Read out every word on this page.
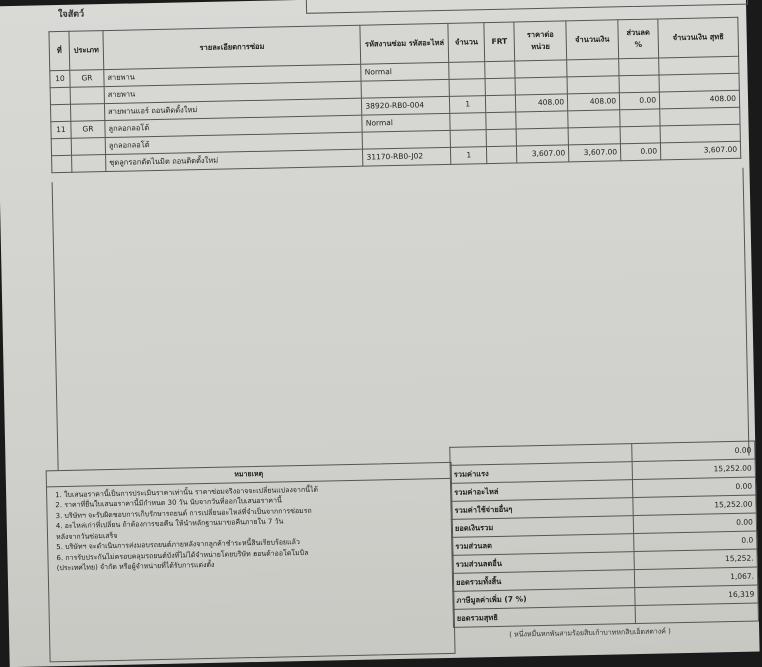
ใจสัตว์
ที่	ประเภท	รายละเอียดการซ่อม	รหัสงานซ่อม รหัสอะไหล่	จำนวน	FRT	ราคาต่อ หน่วย	จำนวนเงิน	ส่วนลด %	จำนวนเงิน สุทธิ
10	GR	สายพาน	Normal						
		สายพาน							
		สายพานแอร์ ถอนติดตั้งใหม่	38920-RB0-004	1		408.00	408.00	0.00	408.00
11	GR	ลูกลอกลอโต้	Normal						
		ลูกลอกลอโต้							
		ชุดลูกรอกตัดไนมิต ถอนติดตั้งใหม่	31170-RB0-J02	1		3,607.00	3,607.00	0.00	3,607.00
หมายเหตุ
1. ใบเสนอราคานี้เป็นการประเมินราคาเท่านั้น ราคาซ่อมจริงอาจจะเปลี่ยนแปลงจากนี้ได้
2. ราคาที่ยื่นใบเสนอราคานี้มีกำหนด 30 วัน นับจากวันที่ออกใบเสนอราคานี้
3. บริษัทฯ จะรับผิดชอบการเก็บรักษารถยนต์ การเปลี่ยนอะไหล่ที่จำเป็นจากการซ่อมรถ
4. อะไหล่เก่าที่เปลี่ยน ถ้าต้องการขอคืน ให้นำหลักฐานมาขอคืนภายใน 7 วัน
หลังจากวันซ่อมเสร็จ
5. บริษัทฯ จะดำเนินการส่งมอบรถยนต์ภายหลังจากลูกค้าชำระหนี้สินเรียบร้อยแล้ว
6. การรับประกันไม่ครอบคลุมรถยนต์บังที่ไม่ได้จำหน่ายโดยบริษัท ฮอนด้าออโตโมบิล
(ประเทศไทย) จำกัด หรือผู้จำหน่ายที่ได้รับการแต่งตั้ง
	0.00
รวมค่าแรง	15,252.00
รวมค่าอะไหล่	0.00
รวมค่าใช้จ่ายอื่นๆ	15,252.00
ยอดเงินรวม	0.00
รวมส่วนลด	0.0
รวมส่วนลดอื่น	15,252.
ยอดรวมทั้งสิ้น	1,067.
ภาษีมูลค่าเพิ่ม (7 %)	16,319
ยอดรวมสุทธิ	
( หนึ่งหมื่นหกพันสามร้อยสิบเก้าบาทหกสิบเอ็ดสตางค์ )
